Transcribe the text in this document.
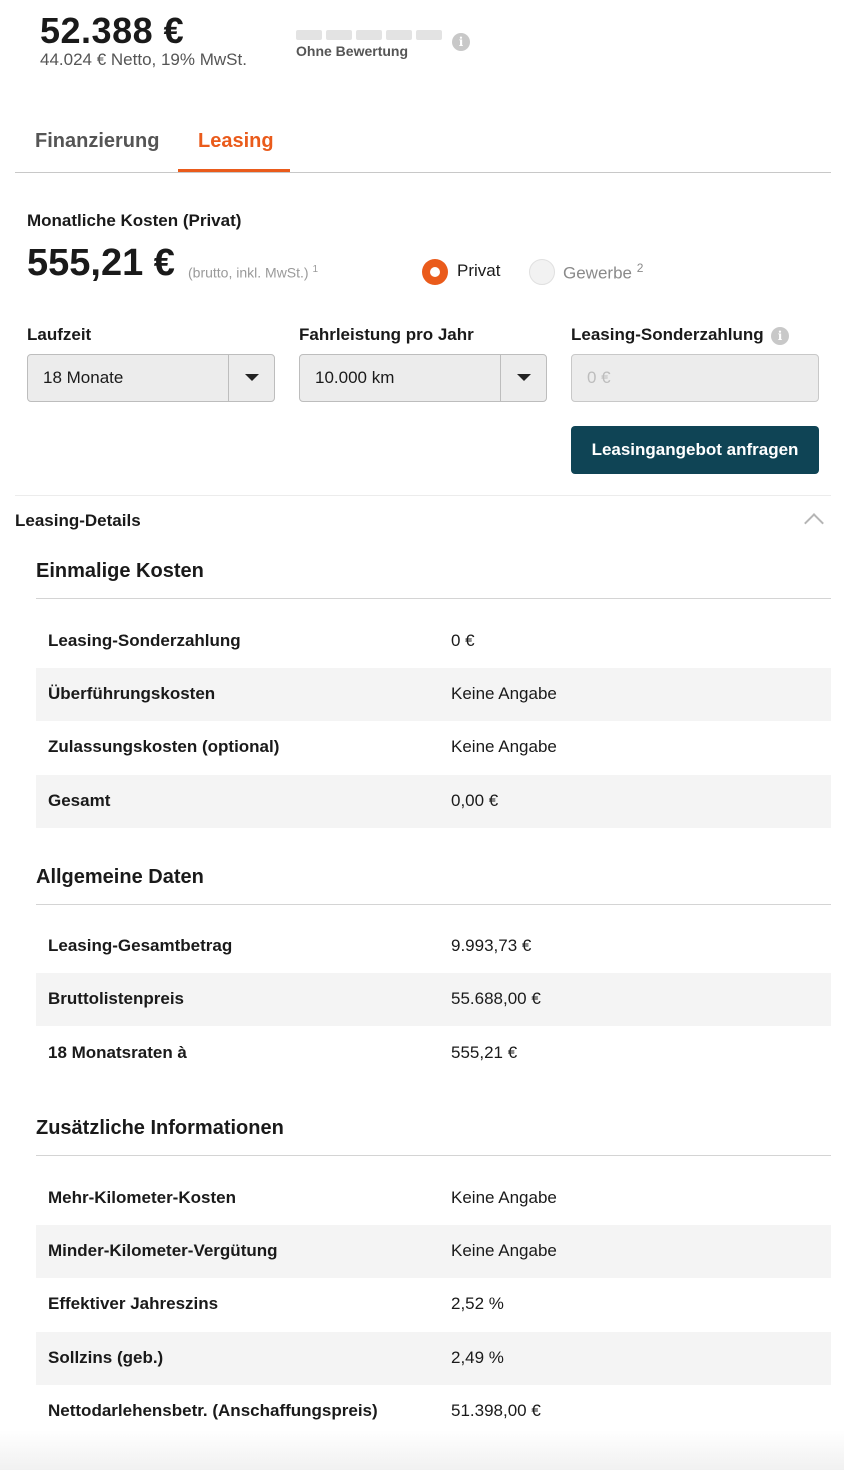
52.388 €
44.024 € Netto, 19% MwSt.	Ohne Bewertung
i
Finanzierung Leasing
Monatliche Kosten (Privat)
555,21 € (brutto, inkl. MwSt.) $^1$	Privat	Gewerbe $^2$
Laufzeit
18 Monate
Fahrleistung pro Jahr
10.000 km
Leasing-Sonderzahlung	i
0 €
Leasingangebot anfragen
Leasing-Details
Einmalige Kosten
Leasing-Sonderzahlung	0 €
Überführungskosten	Keine Angabe
Zulassungskosten (optional)	Keine Angabe
Gesamt	0,00 €
Allgemeine Daten
Leasing-Gesamtbetrag	9.993,73 €
Bruttolistenpreis	55.688,00 €
18 Monatsraten à	555,21 €
Zusätzliche Informationen
Mehr-Kilometer-Kosten	Keine Angabe
Minder-Kilometer-Vergütung	Keine Angabe
Effektiver Jahreszins	2,52 %
Sollzins (geb.)	2,49 %
Nettodarlehensbetr. (Anschaffungspreis)	51.398,00 €
